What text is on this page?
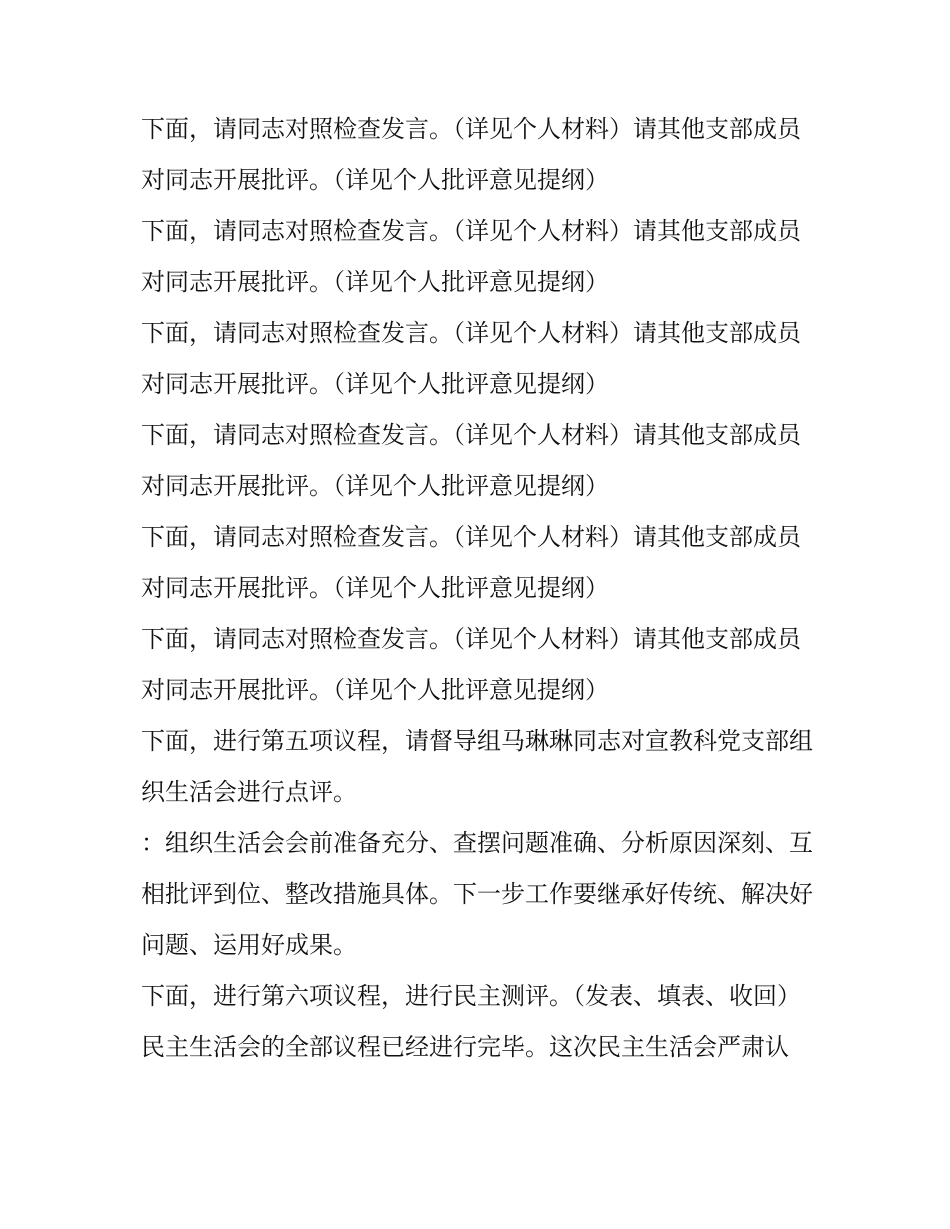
下面，请同志对照检查发言。（详见个人材料）请其他支部成员对同志开展批评。（详见个人批评意见提纲）

下面，请同志对照检查发言。（详见个人材料）请其他支部成员对同志开展批评。（详见个人批评意见提纲）

下面，请同志对照检查发言。（详见个人材料）请其他支部成员对同志开展批评。（详见个人批评意见提纲）

下面，请同志对照检查发言。（详见个人材料）请其他支部成员对同志开展批评。（详见个人批评意见提纲）

下面，请同志对照检查发言。（详见个人材料）请其他支部成员对同志开展批评。（详见个人批评意见提纲）

下面，请同志对照检查发言。（详见个人材料）请其他支部成员对同志开展批评。（详见个人批评意见提纲）

下面，进行第五项议程，请督导组马琳琳同志对宣教科党支部组织生活会进行点评。

：组织生活会会前准备充分、查摆问题准确、分析原因深刻、互相批评到位、整改措施具体。下一步工作要继承好传统、解决好问题、运用好成果。

下面，进行第六项议程，进行民主测评。（发表、填表、收回）

民主生活会的全部议程已经进行完毕。这次民主生活会严肃认
